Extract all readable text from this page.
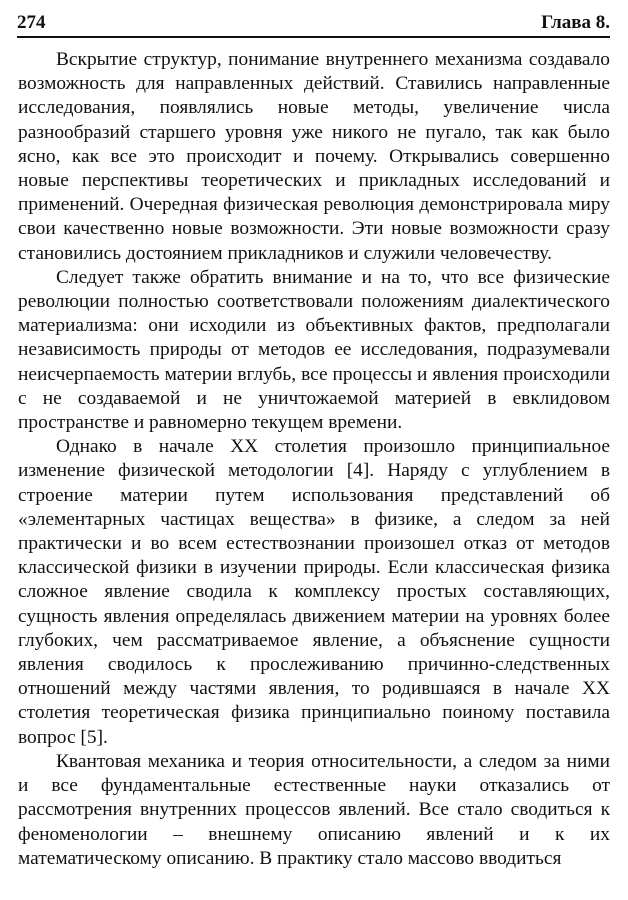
274	Глава 8.

Вскрытие структур, понимание внутреннего механизма создавало возможность для направленных действий. Ставились направленные исследования, появлялись новые методы, увеличение числа разнообразий старшего уровня уже никого не пугало, так как было ясно, как все это происходит и почему. Открывались совершенно новые перспективы теоретических и прикладных исследований и применений. Очередная физическая революция демонстрировала миру свои качественно новые возможности. Эти новые возможности сразу становились достоянием прикладников и служили человечеству.

Следует также обратить внимание и на то, что все физические революции полностью соответствовали положениям диалектического материализма: они исходили из объективных фактов, предполагали независимость природы от методов ее исследования, подразумевали неисчерпаемость материи вглубь, все процессы и явления происходили с не создаваемой и не уничтожаемой материей в евклидовом пространстве и равномерно текущем времени.

Однако в начале XX столетия произошло принципиальное изменение физической методологии [4]. Наряду с углублением в строение материи путем использования представлений об «элементарных частицах вещества» в физике, а следом за ней практически и во всем естествознании произошел отказ от методов классической физики в изучении природы. Если классическая физика сложное явление сводила к комплексу простых составляющих, сущность явления определялась движением материи на уровнях более глубоких, чем рассматриваемое явление, а объяснение сущности явления сводилось к прослеживанию причинно-следственных отношений между частями явления, то родившаяся в начале XX столетия теоретическая физика принципиально поиному поставила вопрос [5].

Квантовая механика и теория относительности, а следом за ними и все фундаментальные естественные науки отказались от рассмотрения внутренних процессов явлений. Все стало сводиться к феноменологии – внешнему описанию явлений и к их математическому описанию. В практику стало массово вводиться
